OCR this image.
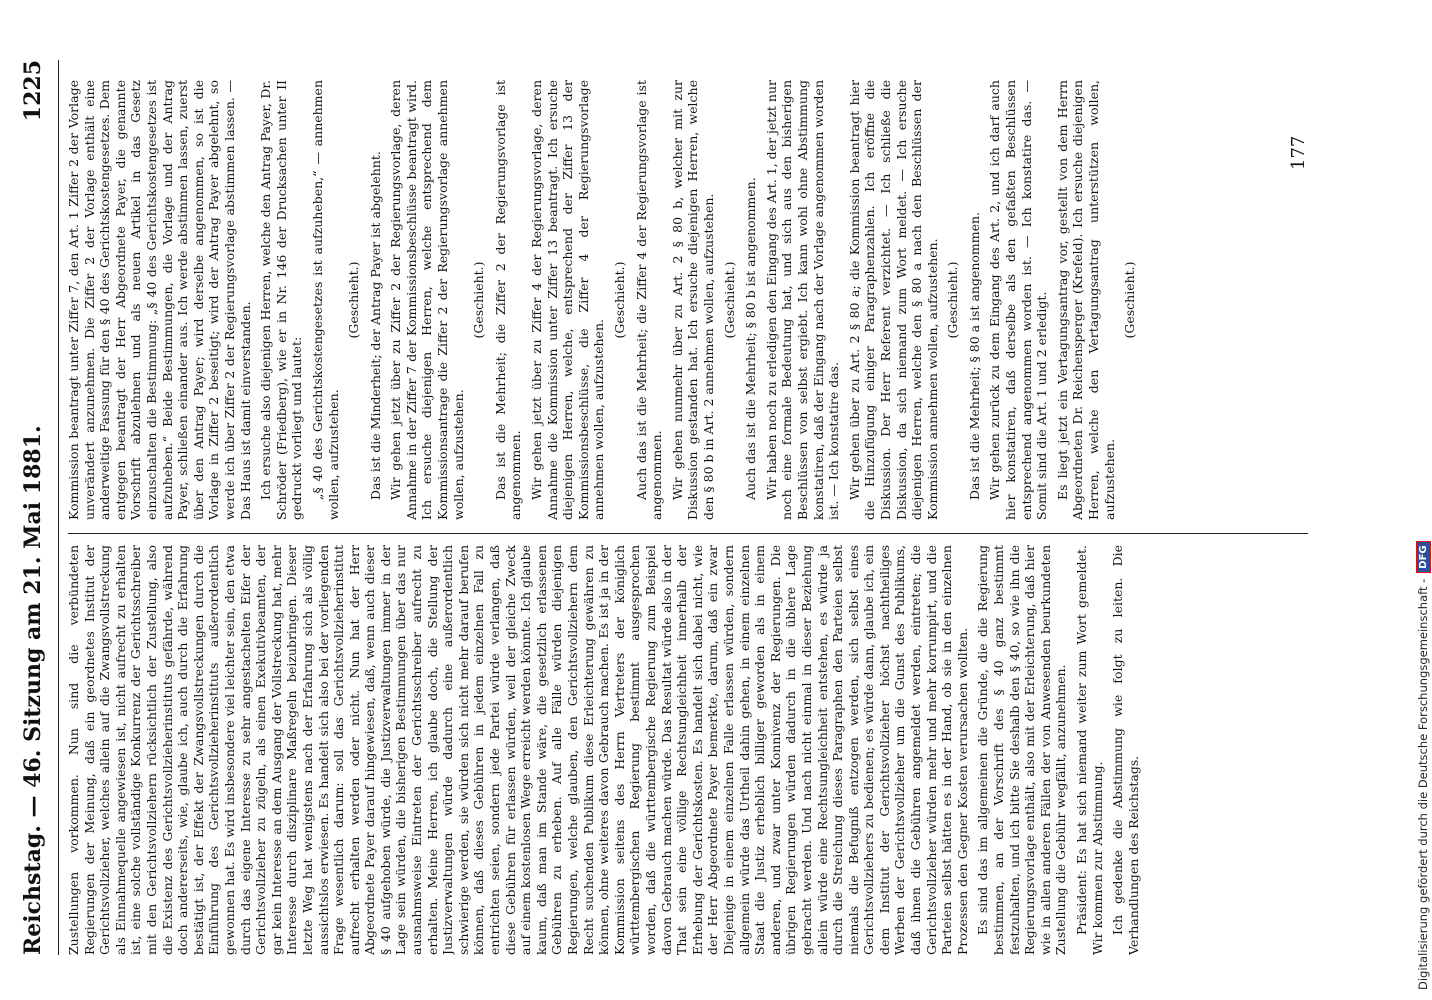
Reichstag. — 46. Sitzung am 21. Mai 1881.
1225

Zustellungen vorkommen. Nun sind die verbündeten Regierungen der Meinung, daß ein geordnetes Institut der Gerichtsvollzieher, welches allein auf die Zwangsvollstreckung als Einnahmequelle angewiesen ist, nicht aufrecht zu erhalten ist, eine solche vollständige Konkurrenz der Gerichtsschreiber mit den Gerichtsvollziehern rücksichtlich der Zustellung, also die Existenz des Gerichtsvollzieherinstituts gefährde, während doch andererseits, wie, glaube ich, auch durch die Erfahrung bestätigt ist, der Effekt der Zwangsvollstreckungen durch die Einführung des Gerichtsvollzieherinstituts außerordentlich gewonnen hat. Es wird insbesondere viel leichter sein, den etwa durch das eigene Interesse zu sehr angestachelten Eifer der Gerichtsvollzieher zu zügeln, als einen Exekutivbeamten, der gar kein Interesse an dem Ausgang der Vollstreckung hat, mehr Interesse durch disziplinare Maßregeln beizubringen. Dieser letzte Weg hat wenigstens nach der Erfahrung sich als völlig aussichtslos erwiesen. Es handelt sich also bei der vorliegenden Frage wesentlich darum: soll das Gerichtsvollzieherinstitut aufrecht erhalten werden oder nicht. Nun hat der Herr Abgeordnete Payer darauf hingewiesen, daß, wenn auch dieser § 40 aufgehoben würde, die Justizverwaltungen immer in der Lage sein würden, die bisherigen Bestimmungen über das nur ausnahmsweise Eintreten der Gerichtsschreiber aufrecht zu erhalten. Meine Herren, ich glaube doch, die Stellung der Justizverwaltungen würde dadurch eine außerordentlich schwierige werden, sie würden sich nicht mehr darauf berufen können, daß dieses Gebühren in jedem einzelnen Fall zu entrichten seien, sondern jede Partei würde verlangen, daß diese Gebühren für erlassen würden, weil der gleiche Zweck auf einem kostenlosen Wege erreicht werden könnte. Ich glaube kaum, daß man im Stande wäre, die gesetzlich erlassenen Gebühren zu erheben. Auf alle Fälle würden diejenigen Regierungen, welche glauben, den Gerichtsvollziehern dem Recht suchenden Publikum diese Erleichterung gewähren zu können, ohne weiteres davon Gebrauch machen. Es ist ja in der Kommission seitens des Herrn Vertreters der königlich württembergischen Regierung bestimmt ausgesprochen worden, daß die württembergische Regierung zum Beispiel davon Gebrauch machen würde. Das Resultat würde also in der That sein eine völlige Rechtsungleichheit innerhalb der Erhebung der Gerichtskosten. Es handelt sich dabei nicht, wie der Herr Abgeordnete Payer bemerkte, darum, daß ein zwar Diejenige in einem einzelnen Falle erlassen würden, sondern allgemein würde das Urtheil dahin gehen, in einem einzelnen Staat die Justiz erheblich billiger geworden als in einem anderen, und zwar unter Konnivenz der Regierungen. Die übrigen Regierungen würden dadurch in die üblere Lage gebracht werden. Und nach nicht einmal in dieser Beziehung allein würde eine Rechtsungleichheit entstehen, es würde ja durch die Streichung dieses Paragraphen den Parteien selbst niemals die Befugniß entzogen werden, sich selbst eines Gerichtsvollziehers zu bedienen; es würde dann, glaube ich, ein dem Institut der Gerichtsvollzieher höchst nachtheiliges Werben der Gerichtsvollzieher um die Gunst des Publikums, daß ihnen die Gebühren angemeldet werden, eintreten; die Gerichtsvollzieher würden mehr und mehr korrumpirt, und die Parteien selbst hätten es in der Hand, ob sie in den einzelnen Prozessen den Gegner Kosten verursachen wollten. Es sind das im allgemeinen die Gründe, die die Regierung bestimmen, an der Vorschrift des § 40 ganz bestimmt festzuhalten, und ich bitte Sie deshalb den § 40, so wie ihn die Regierungsvorlage enthält, also mit der Erleichterung, daß hier wie in allen anderen Fällen der von Anwesenden beurkundeten Zustellung die Gebühr wegfällt, anzunehmen. Präsident: Es hat sich niemand weiter zum Wort gemeldet. Wir kommen zur Abstimmung. Ich gedenke die Abstimmung wie folgt zu leiten. Die Verhandlungen des Reichstags.

Kommission beantragt unter Ziffer 7, den Art. 1 Ziffer 2 der Vorlage unverändert anzunehmen. Die Ziffer 2 der Vorlage enthält eine anderweitige Fassung für den § 40 des Gerichtskostengesetzes. Dem entgegen beantragt der Herr Abgeordnete Payer, die genannte Vorschrift abzulehnen und als neuen Artikel in das Gesetz einzuschalten die Bestimmung: „§ 40 des Gerichtskostengesetzes ist aufzuheben.“ Beide Bestimmungen, die Vorlage und der Antrag Payer, schließen einander aus. Ich werde abstimmen lassen, zuerst über den Antrag Payer; wird derselbe angenommen, so ist die Vorlage in Ziffer 2 beseitigt; wird der Antrag Payer abgelehnt, so werde ich über Ziffer 2 der Regierungsvorlage abstimmen lassen. — Das Haus ist damit einverstanden. Ich ersuche also diejenigen Herren, welche den Antrag Payer, Dr. Schröder (Friedberg), wie er in Nr. 146 der Drucksachen unter II gedruckt vorliegt und lautet: „§ 40 des Gerichtskostengesetzes ist aufzuheben,“ — annehmen wollen, aufzustehen.

(Geschieht.) Das ist die Minderheit; der Antrag Payer ist abgelehnt. Wir gehen jetzt über zu Ziffer 2 der Regierungsvorlage, deren Annahme in der Ziffer 7 der Kommissionsbeschlüsse beantragt wird. Ich ersuche diejenigen Herren, welche entsprechend dem Kommissionsantrage die Ziffer 2 der Regierungsvorlage annehmen wollen, aufzustehen.

(Geschieht.) Das ist die Mehrheit; die Ziffer 2 der Regierungsvorlage ist angenommen. Wir gehen jetzt über zu Ziffer 4 der Regierungsvorlage, deren Annahme die Kommission unter Ziffer 13 beantragt. Ich ersuche diejenigen Herren, welche, entsprechend der Ziffer 13 der Kommissionsbeschlüsse, die Ziffer 4 der Regierungsvorlage annehmen wollen, aufzustehen.

(Geschieht.) Auch das ist die Mehrheit; die Ziffer 4 der Regierungsvorlage ist angenommen. Wir gehen nunmehr über zu Art. 2 § 80 b, welcher mit zur Diskussion gestanden hat. Ich ersuche diejenigen Herren, welche den § 80 b in Art. 2 annehmen wollen, aufzustehen. (Geschieht.) Auch das ist die Mehrheit; § 80 b ist angenommen. Wir haben noch zu erledigen den Eingang des Art. 1, der jetzt nur noch eine formale Bedeutung hat, und sich aus den bisherigen Beschlüssen von selbst ergiebt. Ich kann wohl ohne Abstimmung konstatiren, daß der Eingang nach der Vorlage angenommen worden ist. — Ich konstatire das. Wir gehen über zu Art. 2 § 80 a; die Kommission beantragt hier die Hinzufügung einiger Paragraphenzahlen. Ich eröffne die Diskussion. Der Herr Referent verzichtet. — Ich schließe die Diskussion, da sich niemand zum Wort meldet. — Ich ersuche diejenigen Herren, welche den § 80 a nach den Beschlüssen der Kommission annehmen wollen, aufzustehen. (Geschieht.) Das ist die Mehrheit; § 80 a ist angenommen. Wir gehen zurück zu dem Eingang des Art. 2, und ich darf auch hier konstatiren, daß derselbe als den gefaßten Beschlüssen entsprechend angenommen worden ist. — Ich konstatire das. — Somit sind die Art. 1 und 2 erledigt. Es liegt jetzt ein Vertagungsantrag vor, gestellt von dem Herrn Abgeordneten Dr. Reichensperger (Krefeld). Ich ersuche diejenigen Herren, welche den Vertagungsantrag unterstützen wollen, aufzustehen.

(Geschieht.)

177
Digitalisierung gefördert durch die Deutsche Forschungsgemeinschaft -
DFG
